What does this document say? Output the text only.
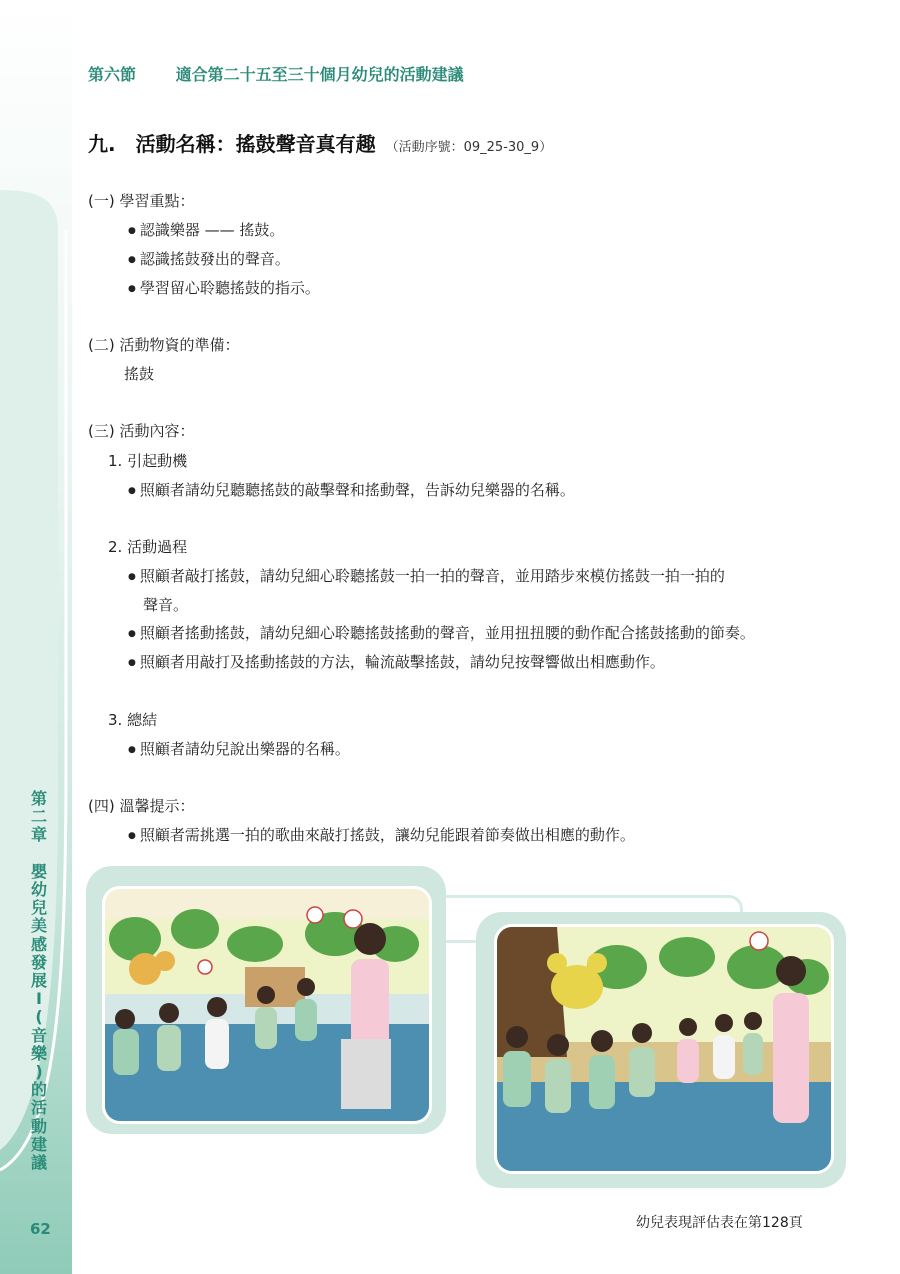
第
二
章

嬰
幼
兒
美
感
發
展
I
(
音
樂
)
的
活
動
建
議
62
第六節 適合第二十五至三十個月幼兒的活動建議
九.　活動名稱：搖鼓聲音真有趣 （活動序號：09_25-30_9）
(一) 學習重點：
● 認識樂器 —— 搖鼓。
● 認識搖鼓發出的聲音。
● 學習留心聆聽搖鼓的指示。
(二) 活動物資的準備：
搖鼓
(三) 活動內容：
1. 引起動機
● 照顧者請幼兒聽聽搖鼓的敲擊聲和搖動聲，告訴幼兒樂器的名稱。
2. 活動過程
● 照顧者敲打搖鼓，請幼兒細心聆聽搖鼓一拍一拍的聲音，並用踏步來模仿搖鼓一拍一拍的
聲音。
● 照顧者搖動搖鼓，請幼兒細心聆聽搖鼓搖動的聲音，並用扭扭腰的動作配合搖鼓搖動的節奏。
● 照顧者用敲打及搖動搖鼓的方法，輪流敲擊搖鼓，請幼兒按聲響做出相應動作。
3. 總結
● 照顧者請幼兒說出樂器的名稱。
(四) 溫馨提示：
● 照顧者需挑選一拍的歌曲來敲打搖鼓，讓幼兒能跟着節奏做出相應的動作。
幼兒表現評估表在第128頁
